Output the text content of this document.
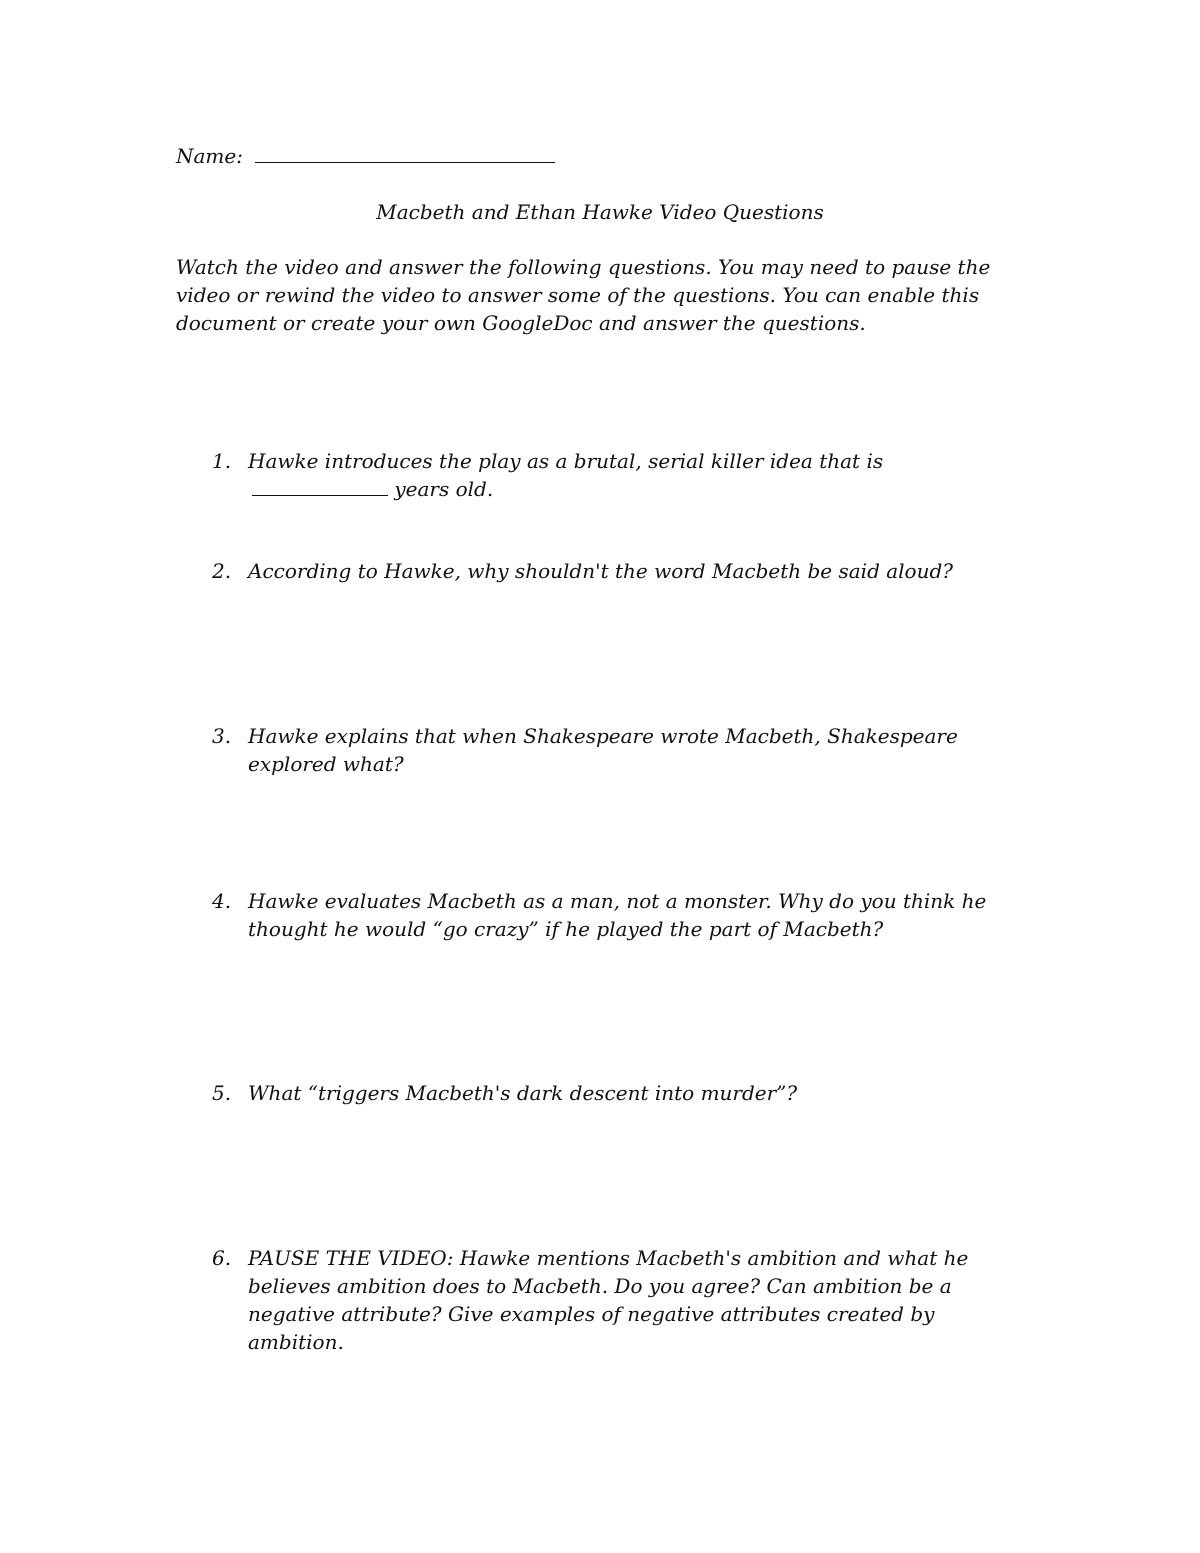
Name:
Macbeth and Ethan Hawke Video Questions
Watch the video and answer the following questions. You may need to pause the video or rewind the video to answer some of the questions. You can enable this document or create your own GoogleDoc and answer the questions.
1. Hawke introduces the play as a brutal, serial killer idea that is  years old.
2. According to Hawke, why shouldn't the word Macbeth be said aloud?
3. Hawke explains that when Shakespeare wrote Macbeth, Shakespeare explored what?
4. Hawke evaluates Macbeth as a man, not a monster. Why do you think he thought he would “go crazy” if he played the part of Macbeth?
5. What “triggers Macbeth's dark descent into murder”?
6. PAUSE THE VIDEO: Hawke mentions Macbeth's ambition and what he believes ambition does to Macbeth. Do you agree? Can ambition be a negative attribute? Give examples of negative attributes created by ambition.
